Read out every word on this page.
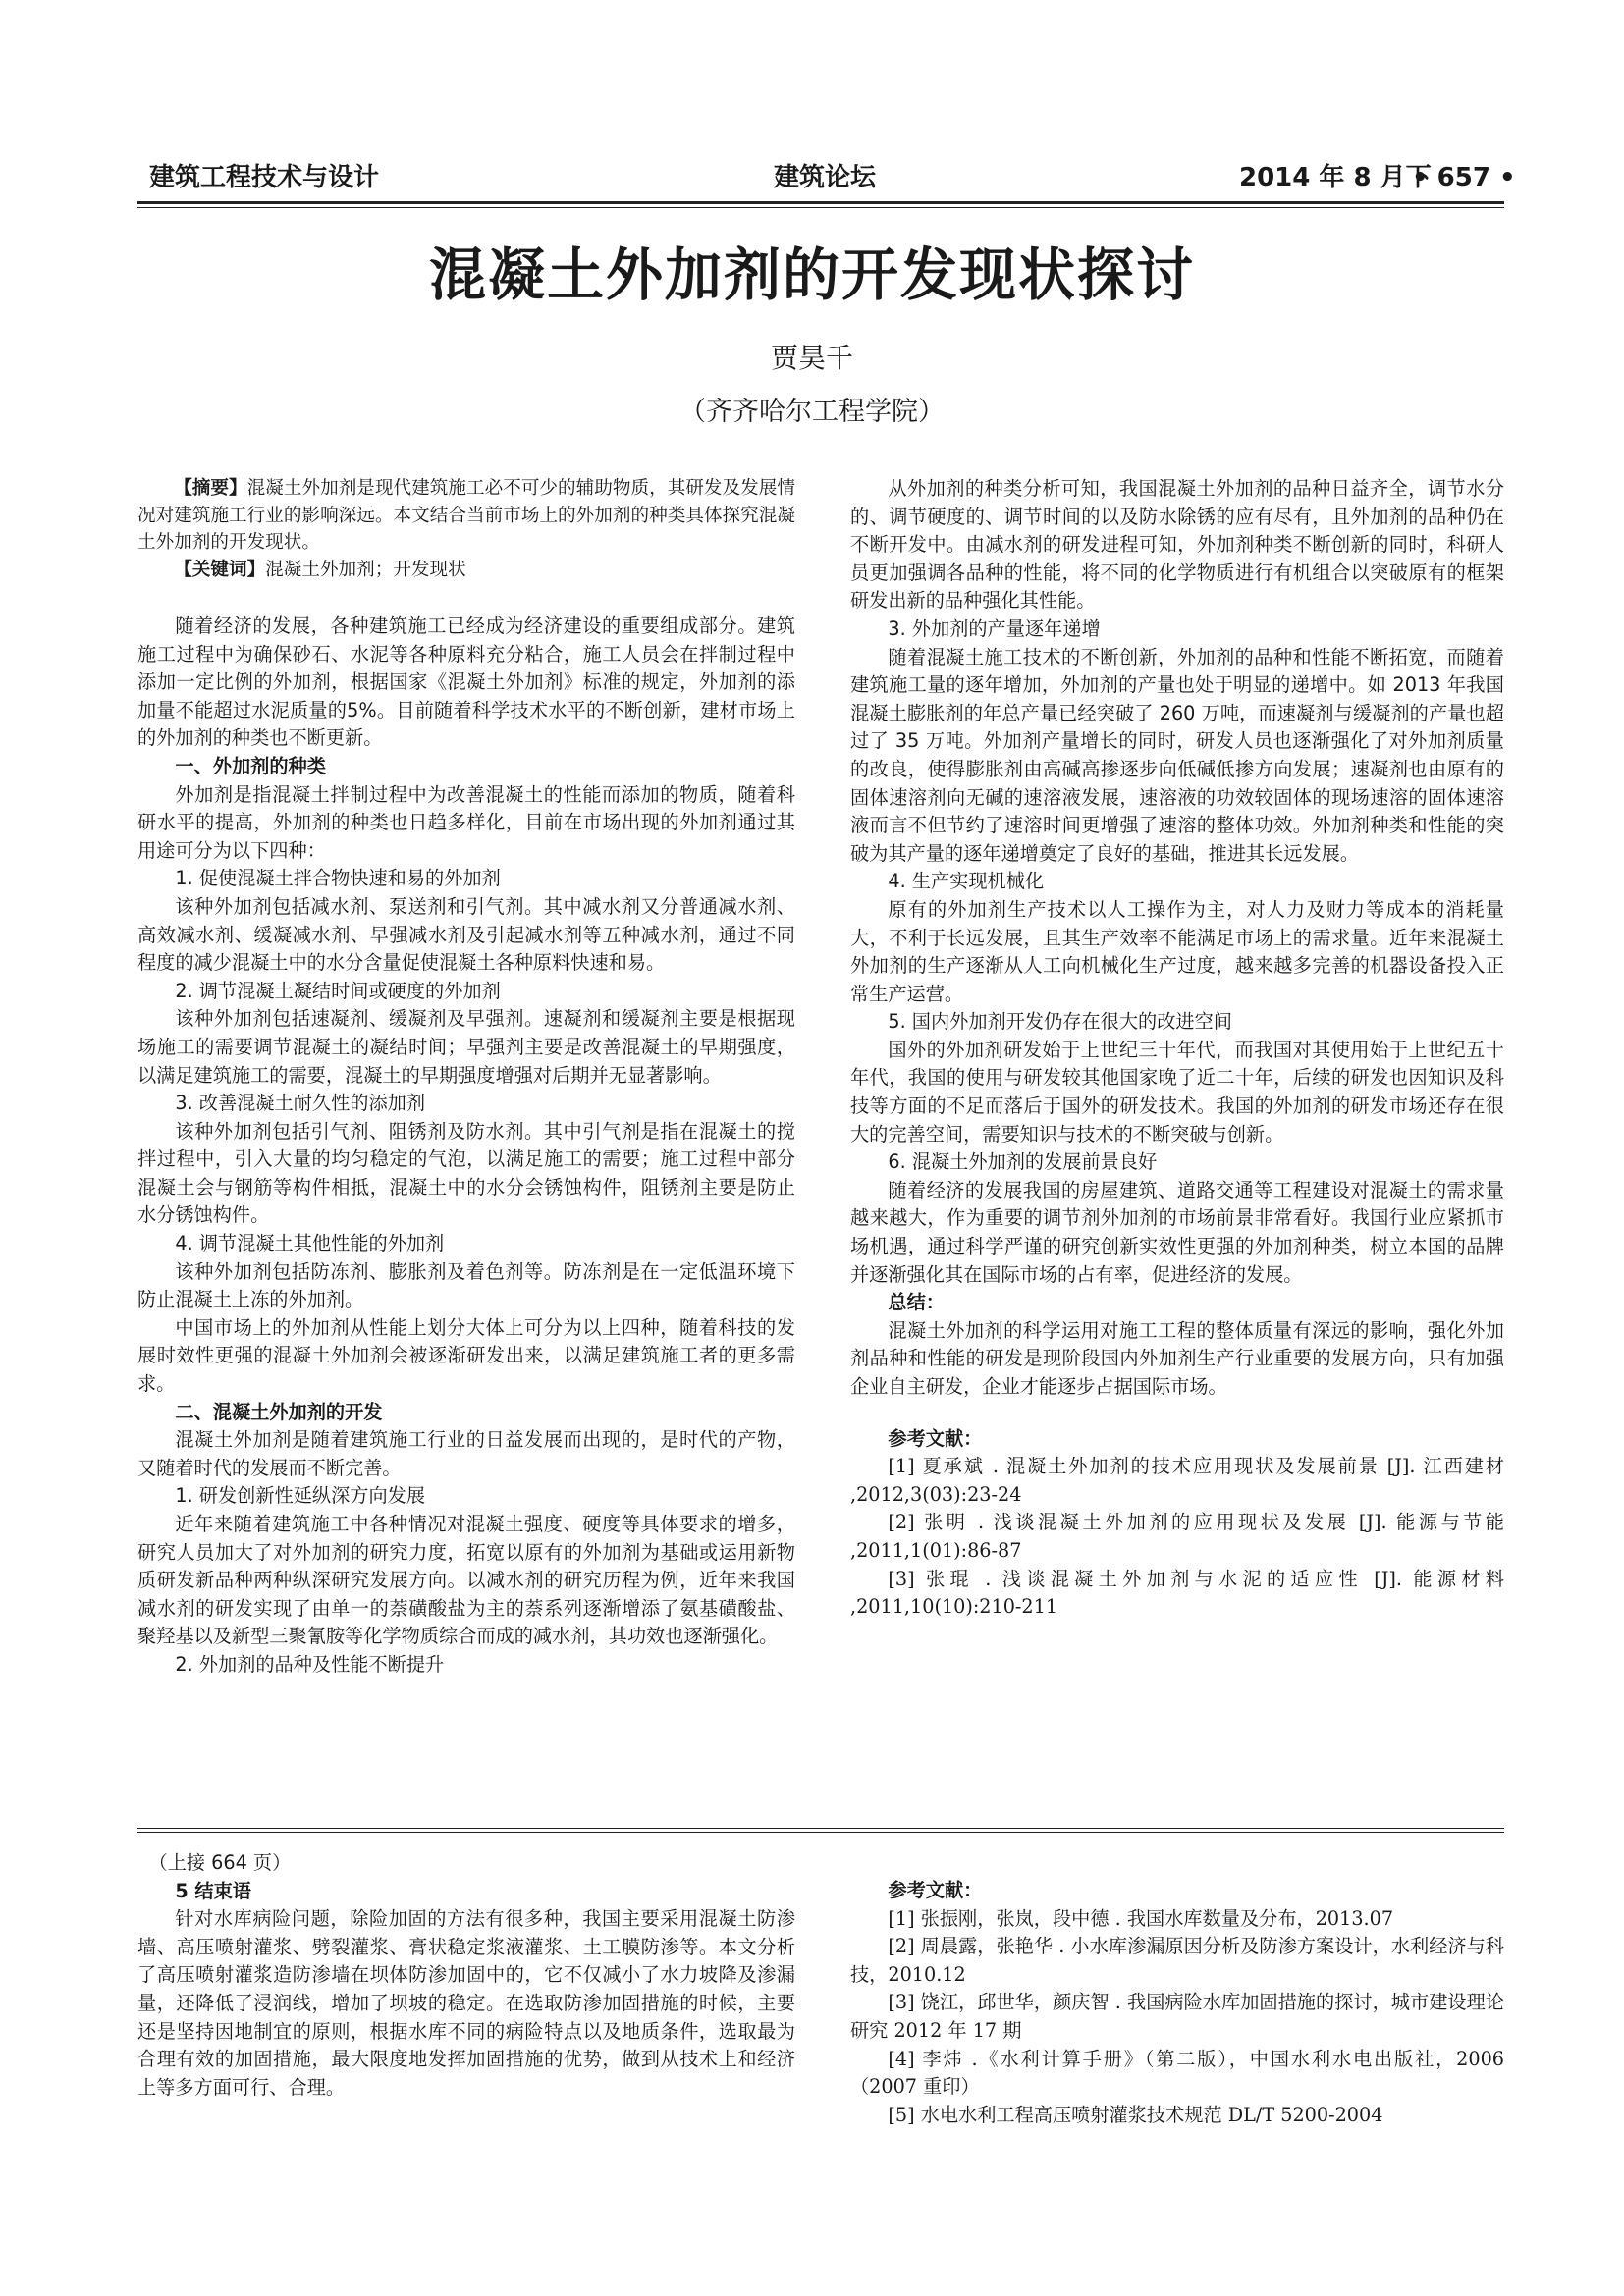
建筑工程技术与设计	建筑论坛	2014 年 8 月下
• 657 •
混凝土外加剂的开发现状探讨
贾昊千
（齐齐哈尔工程学院）

【摘要】混凝土外加剂是现代建筑施工必不可少的辅助物质，其研发及发展情况对建筑施工行业的影响深远。本文结合当前市场上的外加剂的种类具体探究混凝土外加剂的开发现状。

【关键词】混凝土外加剂；开发现状

随着经济的发展，各种建筑施工已经成为经济建设的重要组成部分。建筑施工过程中为确保砂石、水泥等各种原料充分粘合，施工人员会在拌制过程中添加一定比例的外加剂，根据国家《混凝土外加剂》标准的规定，外加剂的添加量不能超过水泥质量的5%。目前随着科学技术水平的不断创新，建材市场上的外加剂的种类也不断更新。

一、外加剂的种类

外加剂是指混凝土拌制过程中为改善混凝土的性能而添加的物质，随着科研水平的提高，外加剂的种类也日趋多样化，目前在市场出现的外加剂通过其用途可分为以下四种：

1. 促使混凝土拌合物快速和易的外加剂

该种外加剂包括减水剂、泵送剂和引气剂。其中减水剂又分普通减水剂、高效减水剂、缓凝减水剂、早强减水剂及引起减水剂等五种减水剂，通过不同程度的减少混凝土中的水分含量促使混凝土各种原料快速和易。

2. 调节混凝土凝结时间或硬度的外加剂

该种外加剂包括速凝剂、缓凝剂及早强剂。速凝剂和缓凝剂主要是根据现场施工的需要调节混凝土的凝结时间；早强剂主要是改善混凝土的早期强度，以满足建筑施工的需要，混凝土的早期强度增强对后期并无显著影响。

3. 改善混凝土耐久性的添加剂

该种外加剂包括引气剂、阻锈剂及防水剂。其中引气剂是指在混凝土的搅拌过程中，引入大量的均匀稳定的气泡，以满足施工的需要；施工过程中部分混凝土会与钢筋等构件相抵，混凝土中的水分会锈蚀构件，阻锈剂主要是防止水分锈蚀构件。

4. 调节混凝土其他性能的外加剂

该种外加剂包括防冻剂、膨胀剂及着色剂等。防冻剂是在一定低温环境下防止混凝土上冻的外加剂。

中国市场上的外加剂从性能上划分大体上可分为以上四种，随着科技的发展时效性更强的混凝土外加剂会被逐渐研发出来，以满足建筑施工者的更多需求。

二、混凝土外加剂的开发

混凝土外加剂是随着建筑施工行业的日益发展而出现的，是时代的产物，又随着时代的发展而不断完善。

1. 研发创新性延纵深方向发展

近年来随着建筑施工中各种情况对混凝土强度、硬度等具体要求的增多，研究人员加大了对外加剂的研究力度，拓宽以原有的外加剂为基础或运用新物质研发新品种两种纵深研究发展方向。以减水剂的研究历程为例，近年来我国减水剂的研发实现了由单一的萘磺酸盐为主的萘系列逐渐增添了氨基磺酸盐、聚羟基以及新型三聚氰胺等化学物质综合而成的减水剂，其功效也逐渐强化。

2. 外加剂的品种及性能不断提升

从外加剂的种类分析可知，我国混凝土外加剂的品种日益齐全，调节水分的、调节硬度的、调节时间的以及防水除锈的应有尽有，且外加剂的品种仍在不断开发中。由减水剂的研发进程可知，外加剂种类不断创新的同时，科研人员更加强调各品种的性能，将不同的化学物质进行有机组合以突破原有的框架研发出新的品种强化其性能。

3. 外加剂的产量逐年递增

随着混凝土施工技术的不断创新，外加剂的品种和性能不断拓宽，而随着建筑施工量的逐年增加，外加剂的产量也处于明显的递增中。如 2013 年我国混凝土膨胀剂的年总产量已经突破了 260 万吨，而速凝剂与缓凝剂的产量也超过了 35 万吨。外加剂产量增长的同时，研发人员也逐渐强化了对外加剂质量的改良，使得膨胀剂由高碱高掺逐步向低碱低掺方向发展；速凝剂也由原有的固体速溶剂向无碱的速溶液发展，速溶液的功效较固体的现场速溶的固体速溶液而言不但节约了速溶时间更增强了速溶的整体功效。外加剂种类和性能的突破为其产量的逐年递增奠定了良好的基础，推进其长远发展。

4. 生产实现机械化

原有的外加剂生产技术以人工操作为主，对人力及财力等成本的消耗量大，不利于长远发展，且其生产效率不能满足市场上的需求量。近年来混凝土外加剂的生产逐渐从人工向机械化生产过度，越来越多完善的机器设备投入正常生产运营。

5. 国内外加剂开发仍存在很大的改进空间

国外的外加剂研发始于上世纪三十年代，而我国对其使用始于上世纪五十年代，我国的使用与研发较其他国家晚了近二十年，后续的研发也因知识及科技等方面的不足而落后于国外的研发技术。我国的外加剂的研发市场还存在很大的完善空间，需要知识与技术的不断突破与创新。

6. 混凝土外加剂的发展前景良好

随着经济的发展我国的房屋建筑、道路交通等工程建设对混凝土的需求量越来越大，作为重要的调节剂外加剂的市场前景非常看好。我国行业应紧抓市场机遇，通过科学严谨的研究创新实效性更强的外加剂种类，树立本国的品牌并逐渐强化其在国际市场的占有率，促进经济的发展。

总结：

混凝土外加剂的科学运用对施工工程的整体质量有深远的影响，强化外加剂品种和性能的研发是现阶段国内外加剂生产行业重要的发展方向，只有加强企业自主研发，企业才能逐步占据国际市场。

参考文献：

[1] 夏承斌 . 混凝土外加剂的技术应用现状及发展前景 [J]. 江西建材 ,2012,3(03):23-24

[2] 张明 . 浅谈混凝土外加剂的应用现状及发展 [J]. 能源与节能 ,2011,1(01):86-87

[3] 张琨 . 浅谈混凝土外加剂与水泥的适应性 [J]. 能源材料 ,2011,10(10):210-211

（上接 664 页）

5 结束语

针对水库病险问题，除险加固的方法有很多种，我国主要采用混凝土防渗墙、高压喷射灌浆、劈裂灌浆、膏状稳定浆液灌浆、土工膜防渗等。本文分析了高压喷射灌浆造防渗墙在坝体防渗加固中的，它不仅减小了水力坡降及渗漏量，还降低了浸润线，增加了坝坡的稳定。在选取防渗加固措施的时候，主要还是坚持因地制宜的原则，根据水库不同的病险特点以及地质条件，选取最为合理有效的加固措施，最大限度地发挥加固措施的优势，做到从技术上和经济上等多方面可行、合理。

参考文献：

[1] 张振刚，张岚，段中德 . 我国水库数量及分布，2013.07

[2] 周晨露，张艳华 . 小水库渗漏原因分析及防渗方案设计，水利经济与科技，2010.12

[3] 饶江，邱世华，颜庆智 . 我国病险水库加固措施的探讨，城市建设理论研究 2012 年 17 期

[4] 李炜 .《水利计算手册》（第二版），中国水利水电出版社，2006（2007 重印）

[5] 水电水利工程高压喷射灌浆技术规范 DL/T 5200-2004
